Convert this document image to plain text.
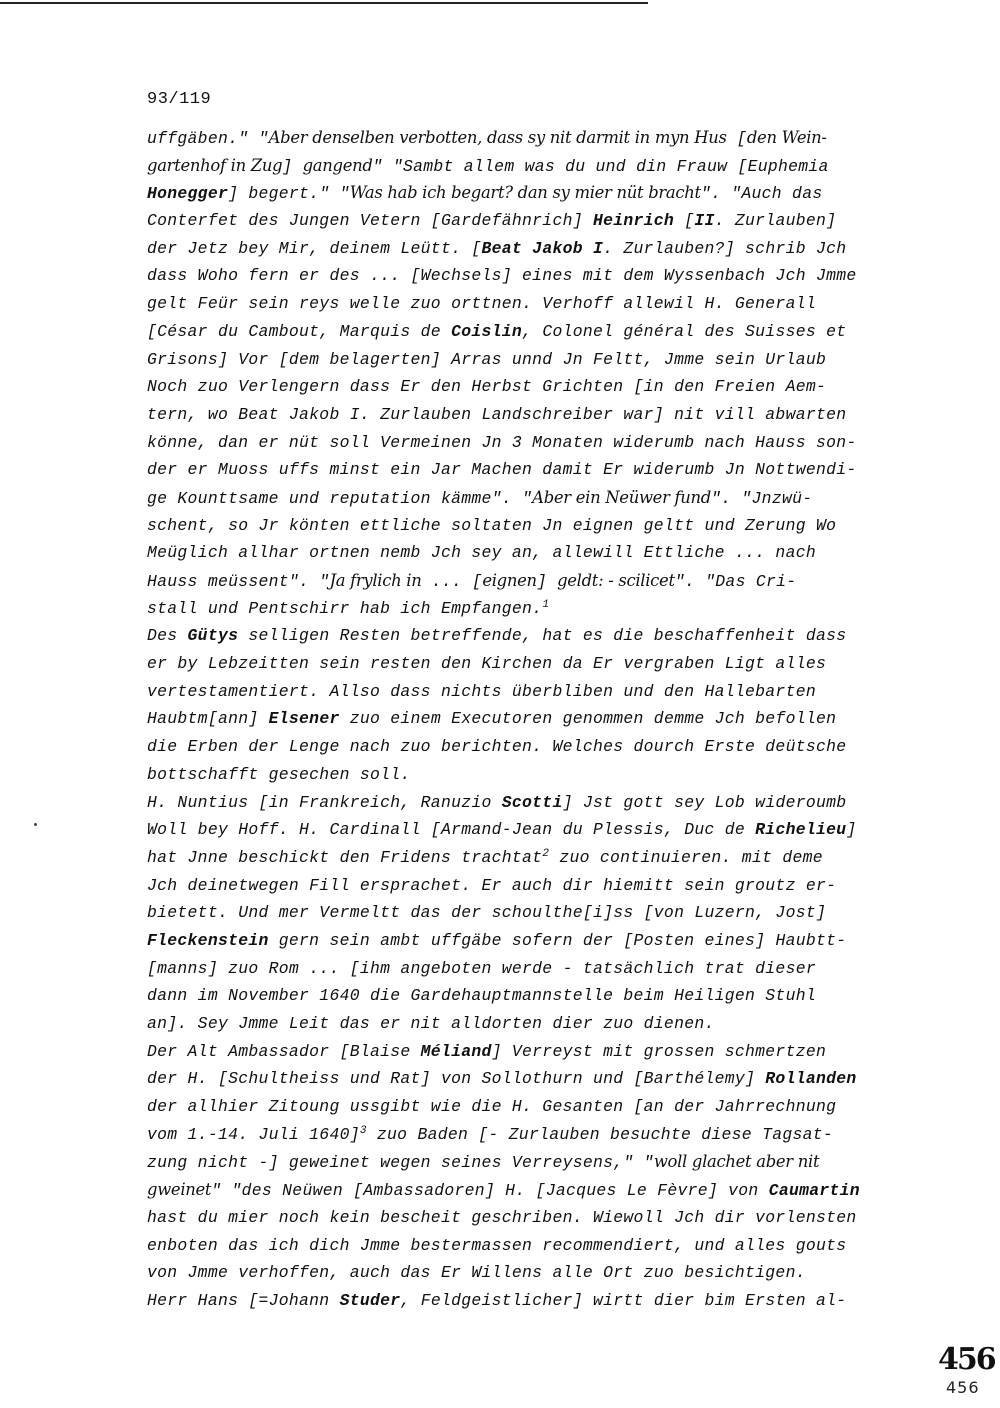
93/119
uffgäben." "Aber denselben verbotten, dass sy nit darmit in myn Hus [den Wein-
gartenhof in Zug] gangend" "Sambt allem was du und din Frauw [Euphemia
Honegger] begert." "Was hab ich begart? dan sy mier nüt bracht". "Auch das
Conterfet des Jungen Vetern [Gardefähnrich] Heinrich [II. Zurlauben]
der Jetz bey Mir, deinem Leütt. [Beat Jakob I. Zurlauben?] schrib Jch
dass Woho fern er des ... [Wechsels] eines mit dem Wyssenbach Jch Jmme
gelt Feür sein reys welle zuo orttnen. Verhoff allewil H. Generall
[César du Cambout, Marquis de Coislin, Colonel général des Suisses et
Grisons] Vor [dem belagerten] Arras unnd Jn Feltt, Jmme sein Urlaub
Noch zuo Verlengern dass Er den Herbst Grichten [in den Freien Aem-
tern, wo Beat Jakob I. Zurlauben Landschreiber war] nit vill abwarten
könne, dan er nüt soll Vermeinen Jn 3 Monaten widerumb nach Hauss son-
der er Muoss uffs minst ein Jar Machen damit Er widerumb Jn Nottwendi-
ge Kounttsame und reputation kämme". "Aber ein Neüwer fund". "Jnzwü-
schent, so Jr könten ettliche soltaten Jn eignen geltt und Zerung Wo
Meüglich allhar ortnen nemb Jch sey an, allewill Ettliche ... nach
Hauss meüssent". "Ja frylich in ... [eignen] geldt: - scilicet". "Das Cri-
stall und Pentschirr hab ich Empfangen.$^1$
Des Gütys selligen Resten betreffende, hat es die beschaffenheit dass
er by Lebzeitten sein resten den Kirchen da Er vergraben Ligt alles
vertestamentiert. Allso dass nichts überbliben und den Hallebarten
Haubtm[ann] Elsener zuo einem Executoren genommen demme Jch befollen
die Erben der Lenge nach zuo berichten. Welches dourch Erste deütsche
bottschafft gesechen soll.
H. Nuntius [in Frankreich, Ranuzio Scotti] Jst gott sey Lob wideroumb
Woll bey Hoff. H. Cardinall [Armand-Jean du Plessis, Duc de Richelieu]
hat Jnne beschickt den Fridens trachtat$^2$ zuo continuieren. mit deme
Jch deinetwegen Fill ersprachet. Er auch dir hiemitt sein groutz er-
bietett. Und mer Vermeltt das der schoulthe[i]ss [von Luzern, Jost]
Fleckenstein gern sein ambt uffgäbe sofern der [Posten eines] Haubtt-
[manns] zuo Rom ... [ihm angeboten werde - tatsächlich trat dieser
dann im November 1640 die Gardehauptmannstelle beim Heiligen Stuhl
an]. Sey Jmme Leit das er nit alldorten dier zuo dienen.
Der Alt Ambassador [Blaise Méliand] Verreyst mit grossen schmertzen
der H. [Schultheiss und Rat] von Sollothurn und [Barthélemy] Rollanden
der allhier Zitoung ussgibt wie die H. Gesanten [an der Jahrrechnung
vom 1.-14. Juli 1640]$^3$ zuo Baden [- Zurlauben besuchte diese Tagsat-
zung nicht -] geweinet wegen seines Verreysens," "woll glachet aber nit
gweinet" "des Neüwen [Ambassadoren] H. [Jacques Le Fèvre] von Caumartin
hast du mier noch kein bescheit geschriben. Wiewoll Jch dir vorlensten
enboten das ich dich Jmme bestermassen recommendiert, und alles gouts
von Jmme verhoffen, auch das Er Willens alle Ort zuo besichtigen.
Herr Hans [=Johann Studer, Feldgeistlicher] wirtt dier bim Ersten al-
456
456
